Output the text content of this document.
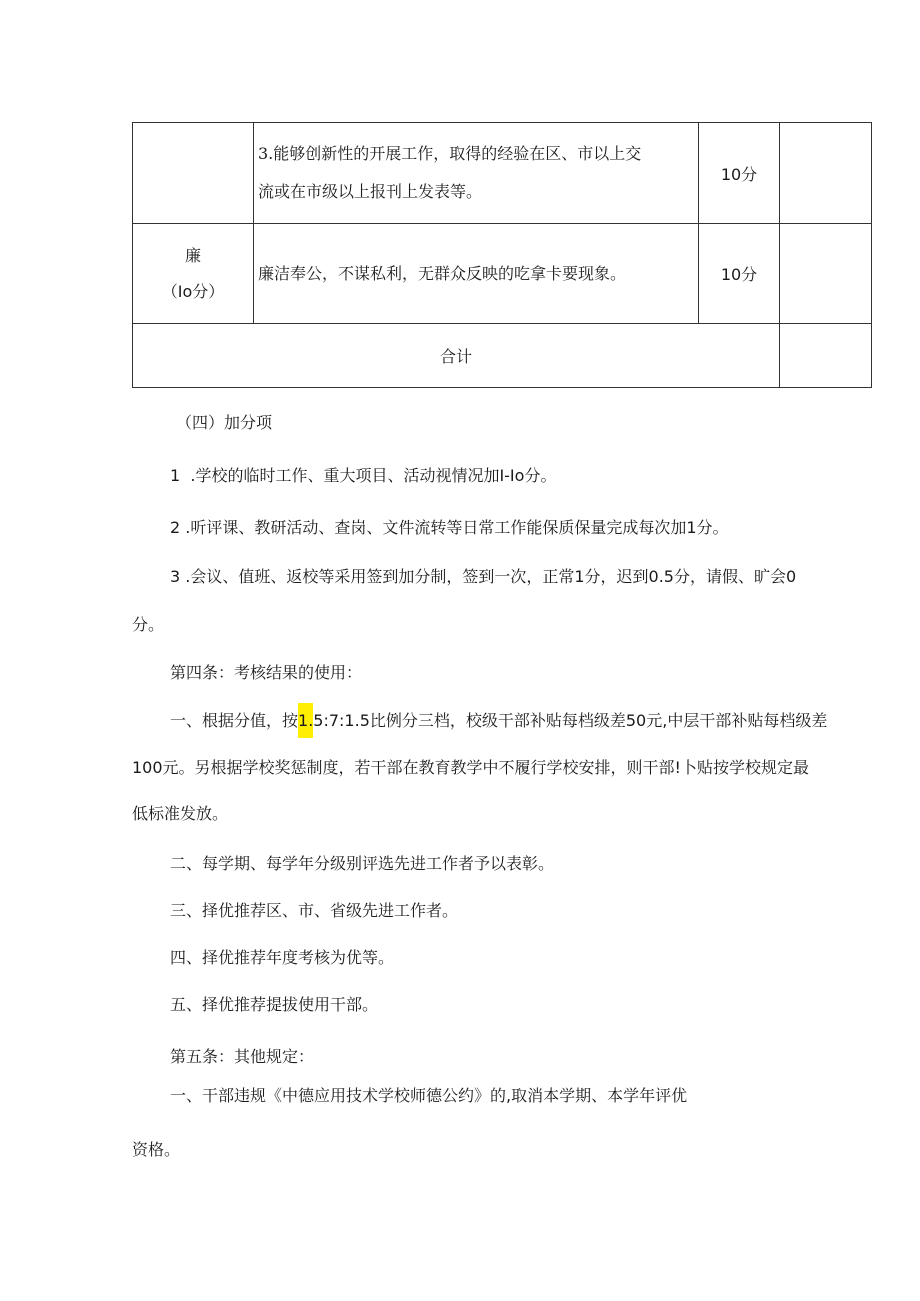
	3.能够创新性的开展工作，取得的经验在区、市以上交
流或在市级以上报刊上发表等。	10分	

廉
（Io分）	廉洁奉公，不谋私利，无群众反映的吃拿卡要现象。	10分	
合计			
（四）加分项
1  .学校的临时工作、重大项目、活动视情况加I-Io分。
2 .听评课、教研活动、查岗、文件流转等日常工作能保质保量完成每次加1分。
3 .会议、值班、返校等采用签到加分制，签到一次，正常1分，迟到0.5分，请假、旷会0
分。
第四条：考核结果的使用：
一、根据分值，按1.5:7:1.5比例分三档，校级干部补贴每档级差50元,中层干部补贴每档级差
100元。另根据学校奖惩制度，若干部在教育教学中不履行学校安排，则干部!卜贴按学校规定最
低标准发放。
二、每学期、每学年分级别评选先进工作者予以表彰。
三、择优推荐区、市、省级先进工作者。
四、择优推荐年度考核为优等。
五、择优推荐提拔使用干部。
第五条：其他规定：
一、干部违规《中德应用技术学校师德公约》的,取消本学期、本学年评优
资格。
